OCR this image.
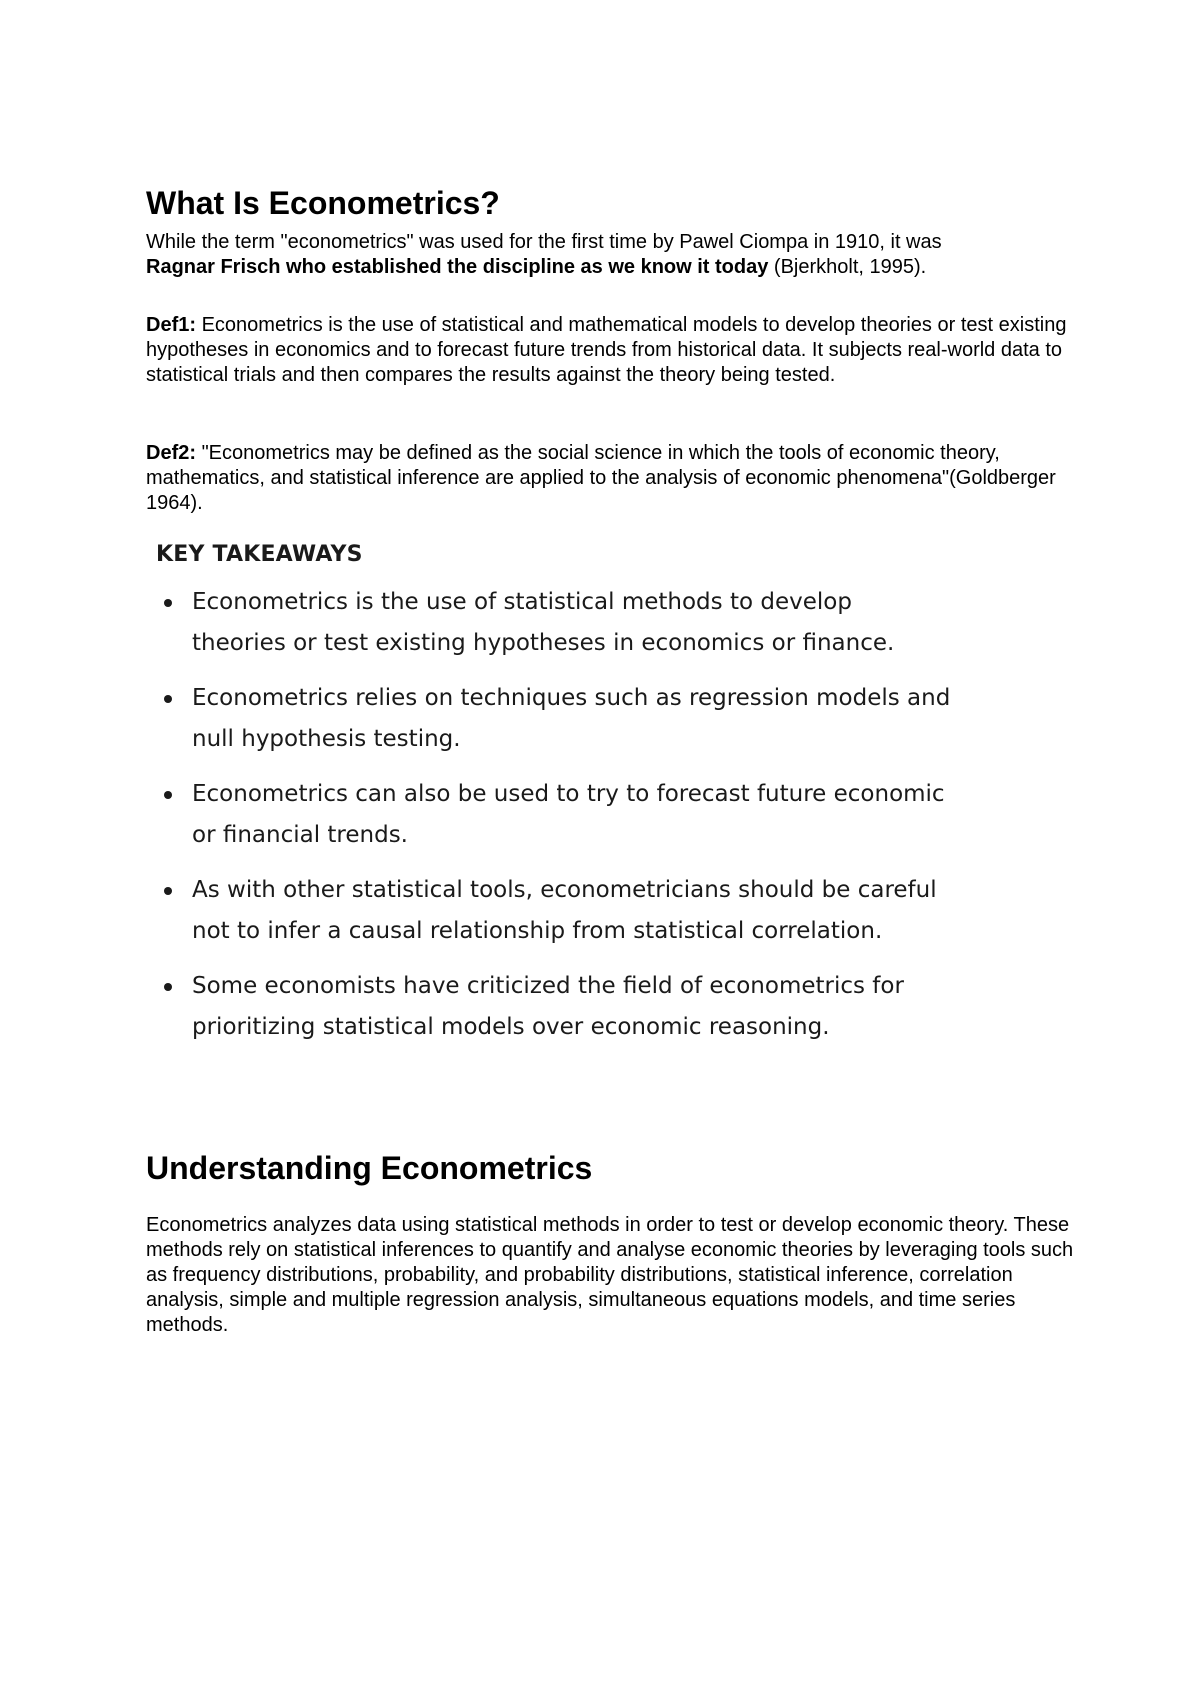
What Is Econometrics?

While the term "econometrics" was used for the first time by Pawel Ciompa in 1910, it was
Ragnar Frisch who established the discipline as we know it today (Bjerkholt, 1995).

Def1: Econometrics is the use of statistical and mathematical models to develop theories or test existing hypotheses in economics and to forecast future trends from historical data. It subjects real-world data to statistical trials and then compares the results against the theory being tested.

Def2: "Econometrics may be defined as the social science in which the tools of economic theory, mathematics, and statistical inference are applied to the analysis of economic phenomena"(Goldberger 1964).

KEY TAKEAWAYS
Econometrics is the use of statistical methods to develop theories or test existing hypotheses in economics or finance.
Econometrics relies on techniques such as regression models and null hypothesis testing.
Econometrics can also be used to try to forecast future economic or financial trends.
As with other statistical tools, econometricians should be careful not to infer a causal relationship from statistical correlation.
Some economists have criticized the field of econometrics for prioritizing statistical models over economic reasoning.
Understanding Econometrics

Econometrics analyzes data using statistical methods in order to test or develop economic theory. These methods rely on statistical inferences to quantify and analyse economic theories by leveraging tools such as frequency distributions, probability, and probability distributions, statistical inference, correlation analysis, simple and multiple regression analysis, simultaneous equations models, and time series methods.
